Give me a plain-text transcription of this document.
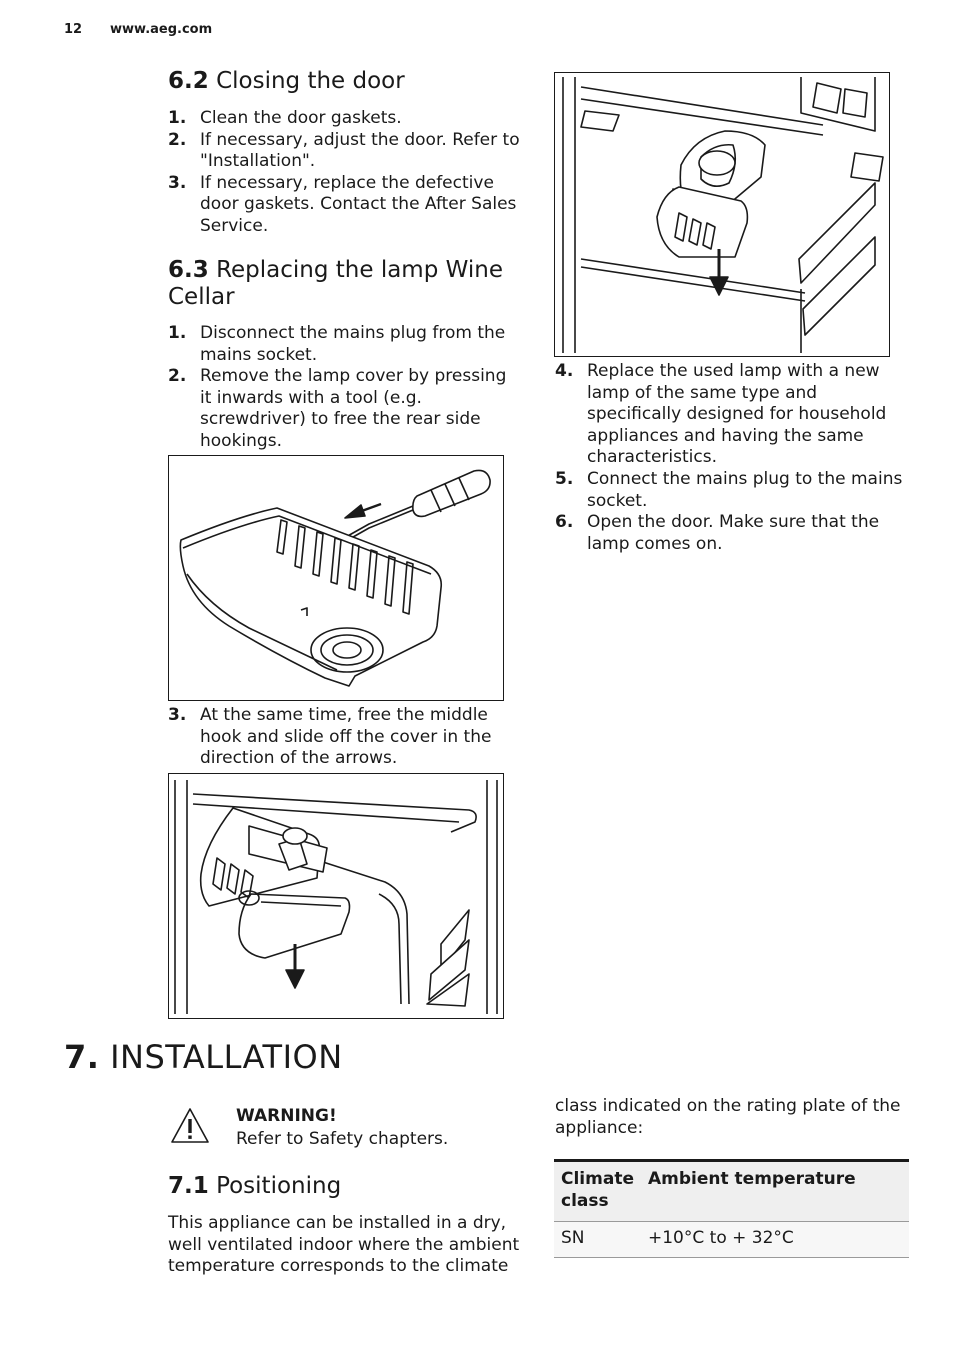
12 www.aeg.com
6.2 Closing the door
1. Clean the door gaskets.
2. If necessary, adjust the door. Refer to "Installation".
3. If necessary, replace the defective door gaskets. Contact the After Sales Service.
6.3 Replacing the lamp Wine Cellar
1. Disconnect the mains plug from the mains socket.
2. Remove the lamp cover by pressing it inwards with a tool (e.g. screwdriver) to free the rear side hookings.
3. At the same time, free the middle hook and slide off the cover in the direction of the arrows.
4. Replace the used lamp with a new lamp of the same type and specifically designed for household appliances and having the same characteristics.
5. Connect the mains plug to the mains socket.
6. Open the door. Make sure that the lamp comes on.
7. INSTALLATION
WARNING!
Refer to Safety chapters.
7.1 Positioning
This appliance can be installed in a dry, well ventilated indoor where the ambient temperature corresponds to the climate
class indicated on the rating plate of the appliance:
Climate class	Ambient temperature
SN	+10°C to + 32°C
